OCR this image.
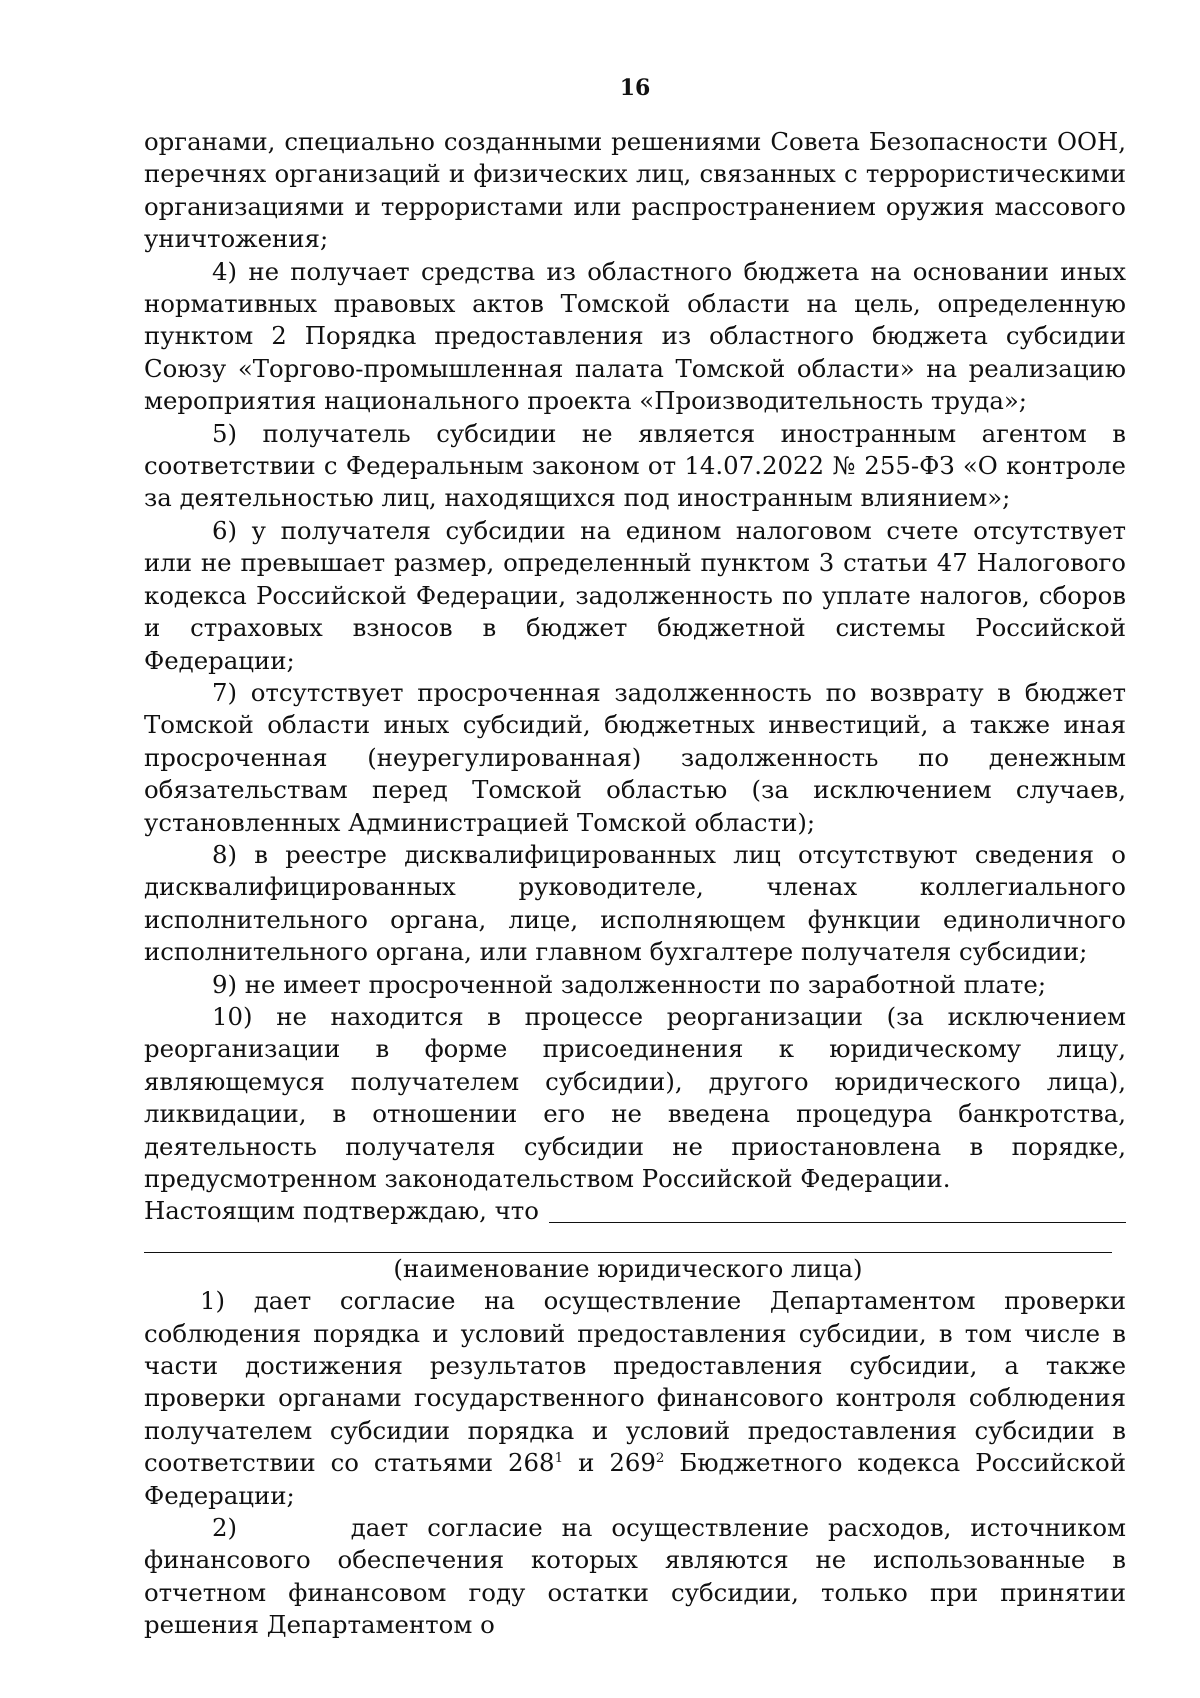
16

органами, специально созданными решениями Совета Безопасности ООН, перечнях организаций и физических лиц, связанных с террористическими организациями и террористами или распространением оружия массового уничтожения;

4) не получает средства из областного бюджета на основании иных нормативных правовых актов Томской области на цель, определенную пунктом 2 Порядка предоставления из областного бюджета субсидии Союзу «Торгово-промышленная палата Томской области» на реализацию мероприятия национального проекта «Производительность труда»;

5) получатель субсидии не является иностранным агентом в соответствии с Федеральным законом от 14.07.2022 № 255-ФЗ «О контроле за деятельностью лиц, находящихся под иностранным влиянием»;

6) у получателя субсидии на едином налоговом счете отсутствует или не превышает размер, определенный пунктом 3 статьи 47 Налогового кодекса Российской Федерации, задолженность по уплате налогов, сборов и страховых взносов в бюджет бюджетной системы Российской Федерации;

7) отсутствует просроченная задолженность по возврату в бюджет Томской области иных субсидий, бюджетных инвестиций, а также иная просроченная (неурегулированная) задолженность по денежным обязательствам перед Томской областью (за исключением случаев, установленных Администрацией Томской области);

8) в реестре дисквалифицированных лиц отсутствуют сведения о дисквалифицированных руководителе, членах коллегиального исполнительного органа, лице, исполняющем функции единоличного исполнительного органа, или главном бухгалтере получателя субсидии;

9) не имеет просроченной задолженности по заработной плате;

10) не находится в процессе реорганизации (за исключением реорганизации в форме присоединения к юридическому лицу, являющемуся получателем субсидии), другого юридического лица), ликвидации, в отношении его не введена процедура банкротства, деятельность получателя субсидии не приостановлена в порядке, предусмотренном законодательством Российской Федерации.

Настоящим подтверждаю, что

(наименование юридического лица)

1) дает согласие на осуществление Департаментом проверки соблюдения порядка и условий предоставления субсидии, в том числе в части достижения результатов предоставления субсидии, а также проверки органами государственного финансового контроля соблюдения получателем субсидии порядка и условий предоставления субсидии в соответствии со статьями $268^1$ и $269^2$ Бюджетного кодекса Российской Федерации;

2)      дает согласие на осуществление расходов, источником финансового обеспечения которых являются не использованные в отчетном финансовом году остатки субсидии, только при принятии решения Департаментом о
